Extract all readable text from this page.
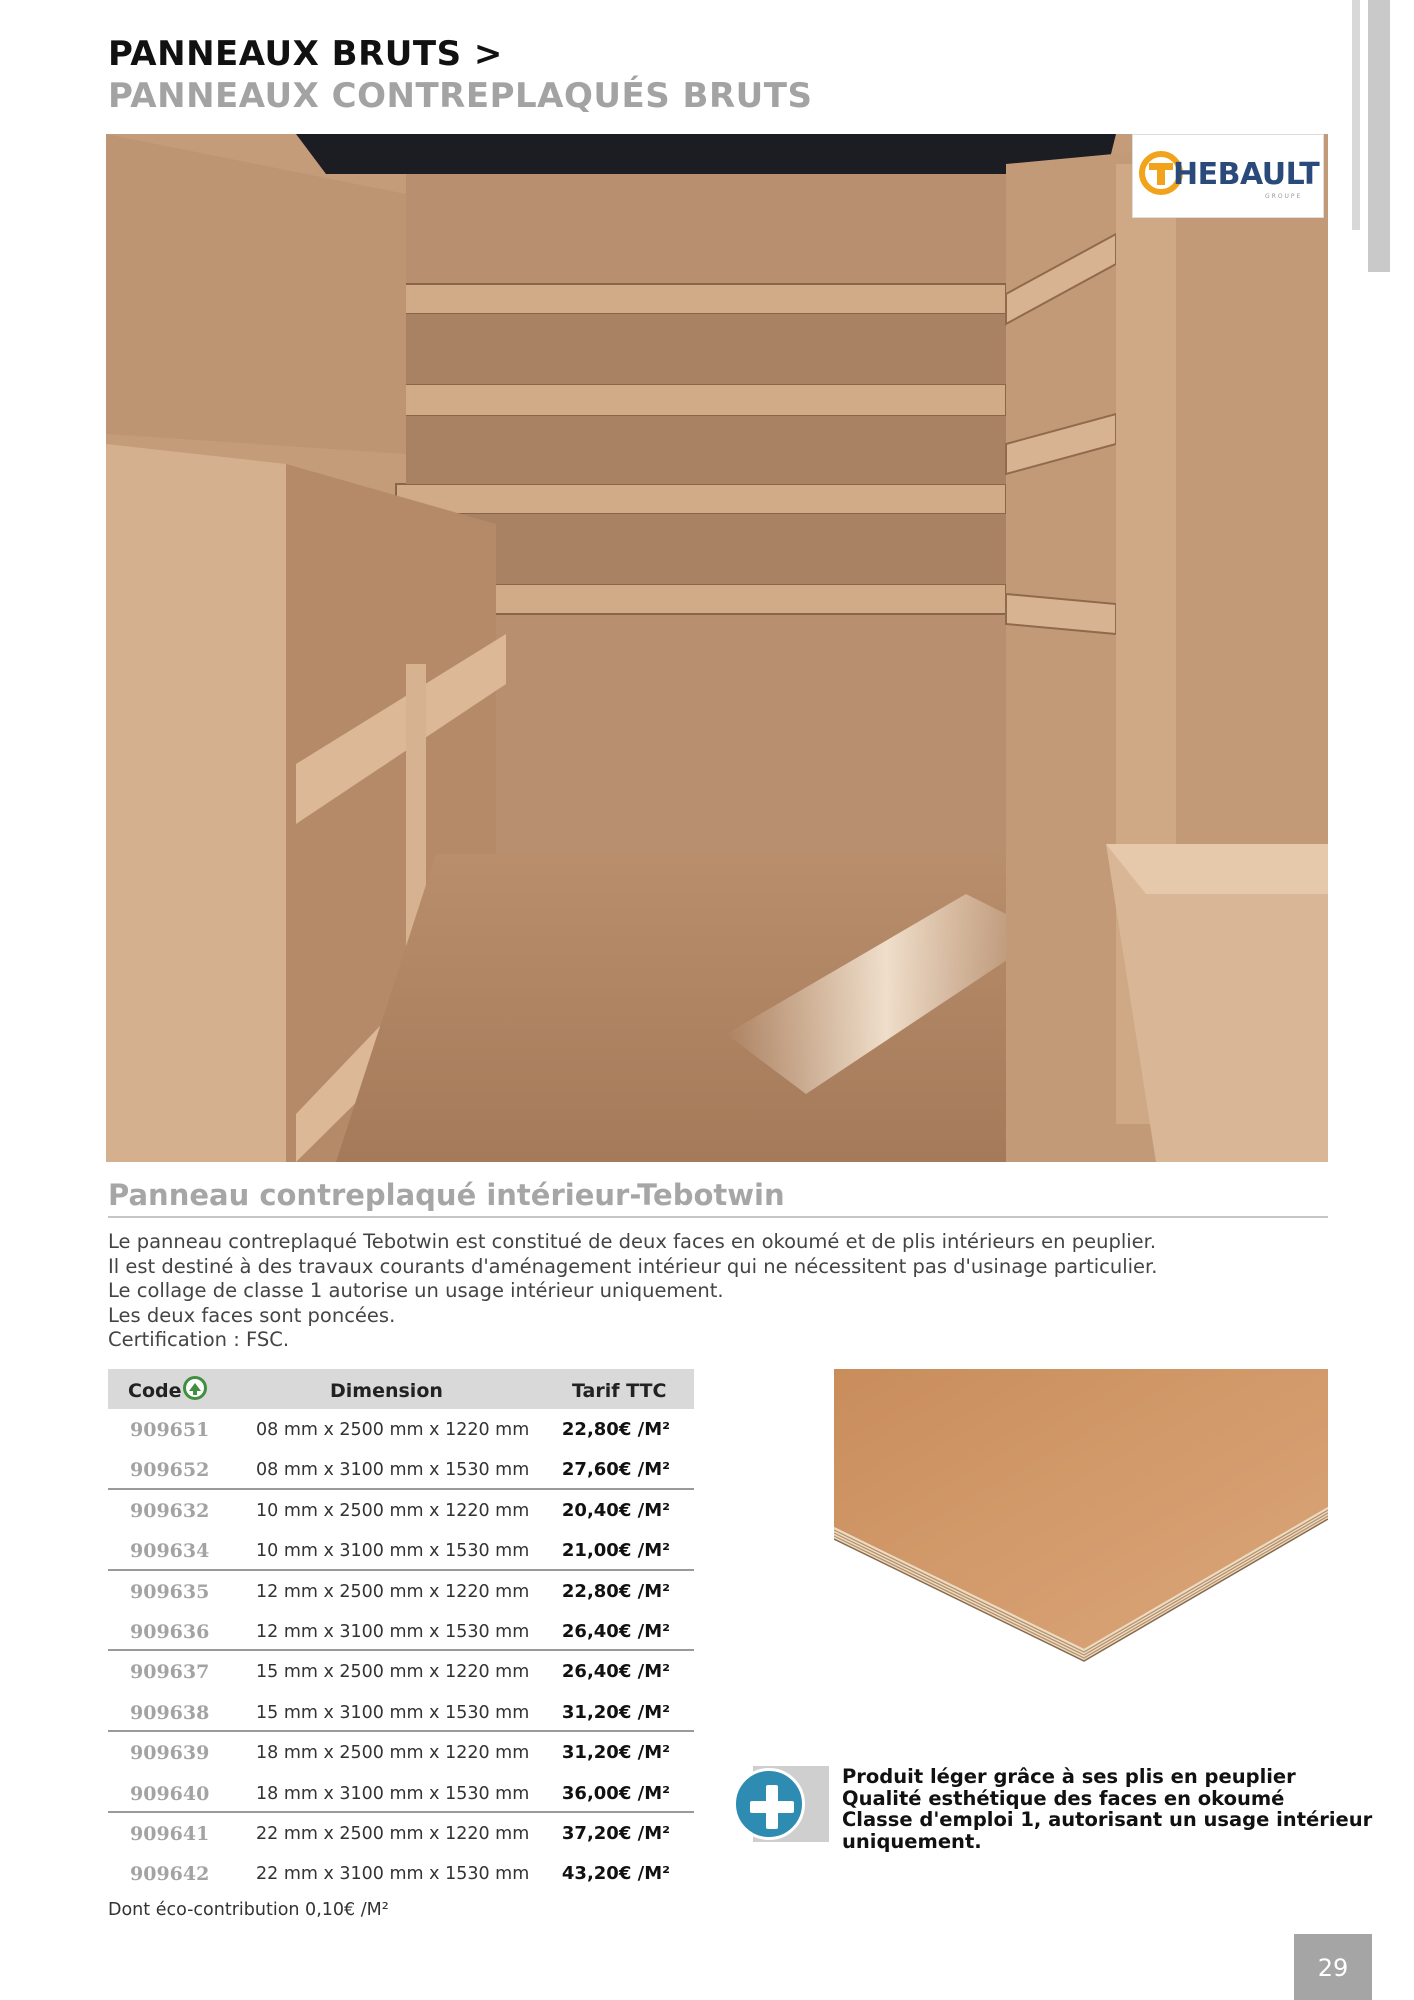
PANNEAUX BRUTS >
PANNEAUX CONTREPLAQUÉS BRUTS
HEBAULT
GROUPE
Panneau contreplaqué intérieur-Tebotwin
Le panneau contreplaqué Tebotwin est constitué de deux faces en okoumé et de plis intérieurs en peuplier.
Il est destiné à des travaux courants d'aménagement intérieur qui ne nécessitent pas d'usinage particulier.
Le collage de classe 1 autorise un usage intérieur uniquement.
Les deux faces sont poncées.
Certification : FSC.
Code	Dimension	Tarif TTC
909651	08 mm x 2500 mm x 1220 mm	22,80€ /M²
909652	08 mm x 3100 mm x 1530 mm	27,60€ /M²
909632	10 mm x 2500 mm x 1220 mm	20,40€ /M²
909634	10 mm x 3100 mm x 1530 mm	21,00€ /M²
909635	12 mm x 2500 mm x 1220 mm	22,80€ /M²
909636	12 mm x 3100 mm x 1530 mm	26,40€ /M²
909637	15 mm x 2500 mm x 1220 mm	26,40€ /M²
909638	15 mm x 3100 mm x 1530 mm	31,20€ /M²
909639	18 mm x 2500 mm x 1220 mm	31,20€ /M²
909640	18 mm x 3100 mm x 1530 mm	36,00€ /M²
909641	22 mm x 2500 mm x 1220 mm	37,20€ /M²
909642	22 mm x 3100 mm x 1530 mm	43,20€ /M²
Dont éco-contribution 0,10€ /M²
Produit léger grâce à ses plis en peuplier
Qualité esthétique des faces en okoumé
Classe d'emploi 1, autorisant un usage intérieur
uniquement.
29
